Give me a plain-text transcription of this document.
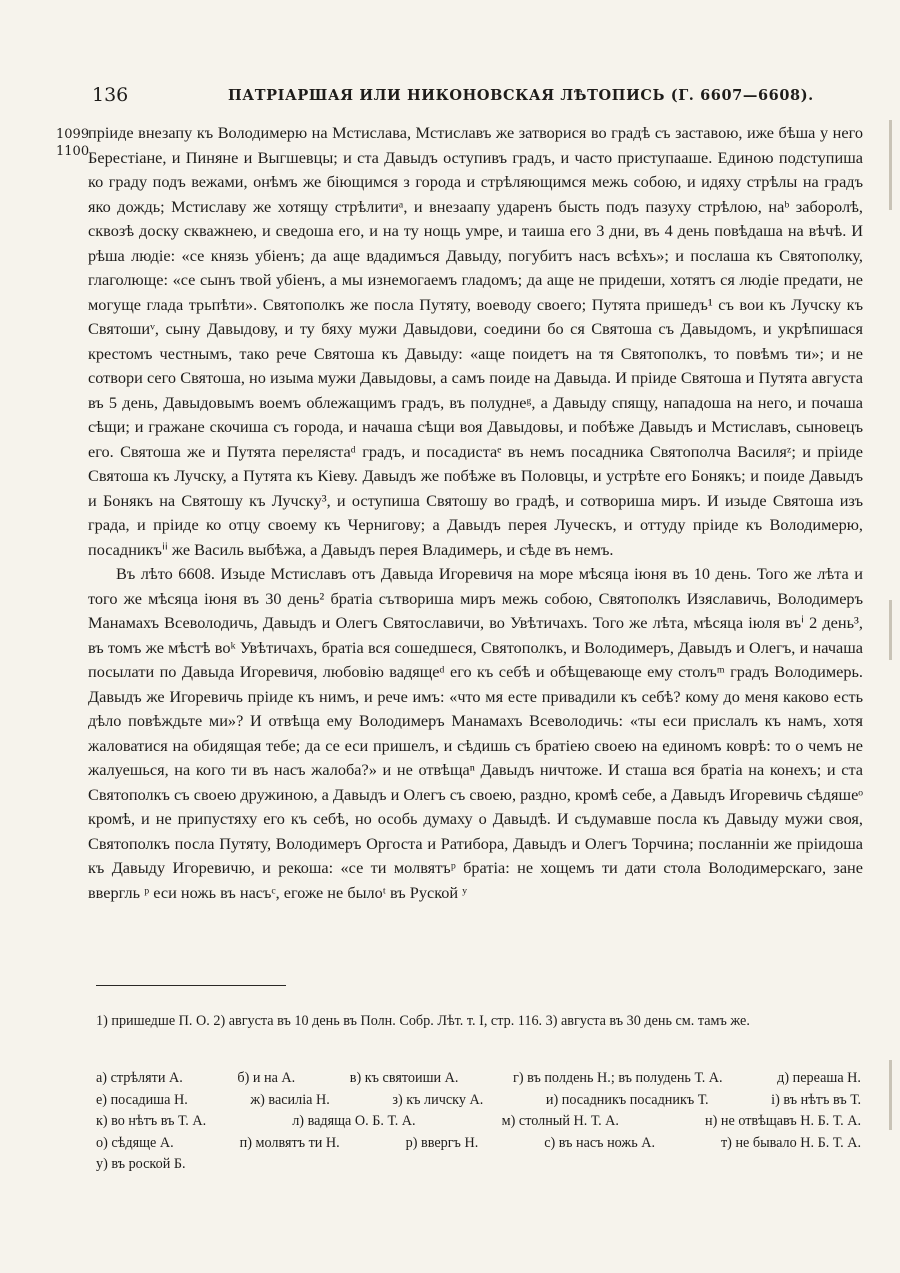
136	ПАТРІАРШАЯ ИЛИ НИКОНОВСКАЯ ЛѢТОПИСЬ (Г. 6607—6608).
1099
1100

пріиде внезапу къ Володимерю на Мстислава, Мстиславъ же затворися во градѣ съ заставою, иже бѣша у него Берестіане, и Пиняне и Выгшевцы; и ста Давыдъ оступивъ градъ, и часто приступааше. Единою подступиша ко граду подъ вежами, онѣмъ же біющимся з города и стрѣляющимся межь собою, и идяху стрѣлы на градъ яко дождь; Мстиславу же хотящу стрѣлитиᵃ, и внезаапу ударенъ бысть подъ пазуху стрѣлою, наᵇ заборолѣ, сквозѣ доску скважнею, и сведоша его, и на ту нощь умре, и таиша его 3 дни, въ 4 день повѣдаша на вѣчѣ. И рѣша людіе: «се князь убіенъ; да аще вдадимъся Давыду, погубитъ насъ всѣхъ»; и послаша къ Святополку, глаголюще: «се сынъ твой убіенъ, а мы изнемогаемъ гладомъ; да аще не придеши, хотятъ ся людіе предати, не могуще глада трьпѣти». Святополкъ же посла Путяту, воеводу своего; Путята пришедъ¹ съ вои къ Лучску къ Святошиᵛ, сыну Давыдову, и ту бяху мужи Давыдови, соедини бо ся Святоша съ Давыдомъ, и укрѣпишася крестомъ честнымъ, тако рече Святоша къ Давыду: «аще поидетъ на тя Святополкъ, то повѣмъ ти»; и не сотвори сего Святоша, но изыма мужи Давыдовы, а самъ поиде на Давыда. И пріиде Святоша и Путята августа въ 5 день, Давыдовымъ воемъ облежащимъ градъ, въ полуднеᵍ, а Давыду спящу, нападоша на него, и почаша сѣщи; и гражане скочиша съ города, и начаша сѣщи воя Давыдовы, и побѣже Давыдъ и Мстиславъ, сыновецъ его. Святоша же и Путята перелястаᵈ градъ, и посадистаᵉ въ немъ посадника Святополча Василяᶻ; и пріиде Святоша къ Лучску, а Путята къ Кіеву. Давыдъ же побѣже въ Половцы, и устрѣте его Бонякъ; и поиде Давыдъ и Бонякъ на Святошу къ Лучску³, и оступиша Святошу во градѣ, и сотвориша миръ. И изыде Святоша изъ града, и пріиде ко отцу своему къ Чернигову; а Давыдъ перея Луческъ, и оттуду пріиде къ Володимерю, посадникъⁱⁱ же Василь выбѣжа, а Давыдъ перея Владимерь, и сѣде въ немъ.

Въ лѣто 6608. Изыде Мстиславъ отъ Давыда Игоревичя на море мѣсяца іюня въ 10 день. Того же лѣта и того же мѣсяца іюня въ 30 день² братіа сътвориша миръ межь собою, Святополкъ Изяславичь, Володимеръ Манамахъ Всеволодичь, Давыдъ и Олегъ Святославичи, во Увѣтичахъ. Того же лѣта, мѣсяца іюля въⁱ 2 день³, въ томъ же мѣстѣ воᵏ Увѣтичахъ, братіа вся сошедшеся, Святополкъ, и Володимеръ, Давыдъ и Олегъ, и начаша посылати по Давыда Игоревичя, любовію вадящеᵈ его къ себѣ и обѣщевающе ему столъᵐ градъ Володимерь. Давыдъ же Игоревичь пріиде къ нимъ, и рече имъ: «что мя есте привадили къ себѣ? кому до меня каково есть дѣло повѣждьте ми»? И отвѣща ему Володимеръ Манамахъ Всеволодичь: «ты еси прислалъ къ намъ, хотя жаловатися на обидящая тебе; да се еси пришелъ, и сѣдишь съ братіею своею на единомъ коврѣ: то о чемъ не жалуешься, на кого ти въ насъ жалоба?» и не отвѣщаⁿ Давыдъ ничтоже. И сташа вся братіа на конехъ; и ста Святополкъ съ своею дружиною, а Давыдъ и Олегъ съ своею, раздно, кромѣ себе, а Давыдъ Игоревичь сѣдяшеᵒ кромѣ, и не припустяху его къ себѣ, но особь думаху о Давыдѣ. И съдумавше посла къ Давыду мужи своя, Святополкъ посла Путяту, Володимеръ Оргоста и Ратибора, Давыдъ и Олегъ Торчина; посланніи же пріидоша къ Давыду Игоревичю, и рекоша: «се ти молвятъᵖ братіа: не хощемъ ти дати стола Володимерскаго, зане ввергль ᵖ еси ножь въ насъᶜ, егоже не былоᵗ въ Руской ʸ

1) пришедше П. О. 2) августа въ 10 день въ Полн. Собр. Лѣт. т. I, стр. 116. 3) августа въ 30 день см. тамъ же.
а) стрѣляти А.	б) и на А.	в) къ святоиши А.	г) въ полдень Н.; въ полудень Т. А.	д) переаша Н.
е) посадиша Н.	ж) василіа Н.	з) къ личску А.	и) посадникъ посадникъ Т.	і) въ нѣтъ въ Т.
к) во нѣтъ въ Т. А.	л) вадяща О. Б. Т. А.	м) столный Н. Т. А.	н) не отвѣщавъ Н. Б. Т. А.
о) сѣдяще А.	п) молвятъ ти Н.	р) ввергъ Н.	с) въ насъ ножь А.	т) не бывало Н. Б. Т. А.
у) въ роской Б.
